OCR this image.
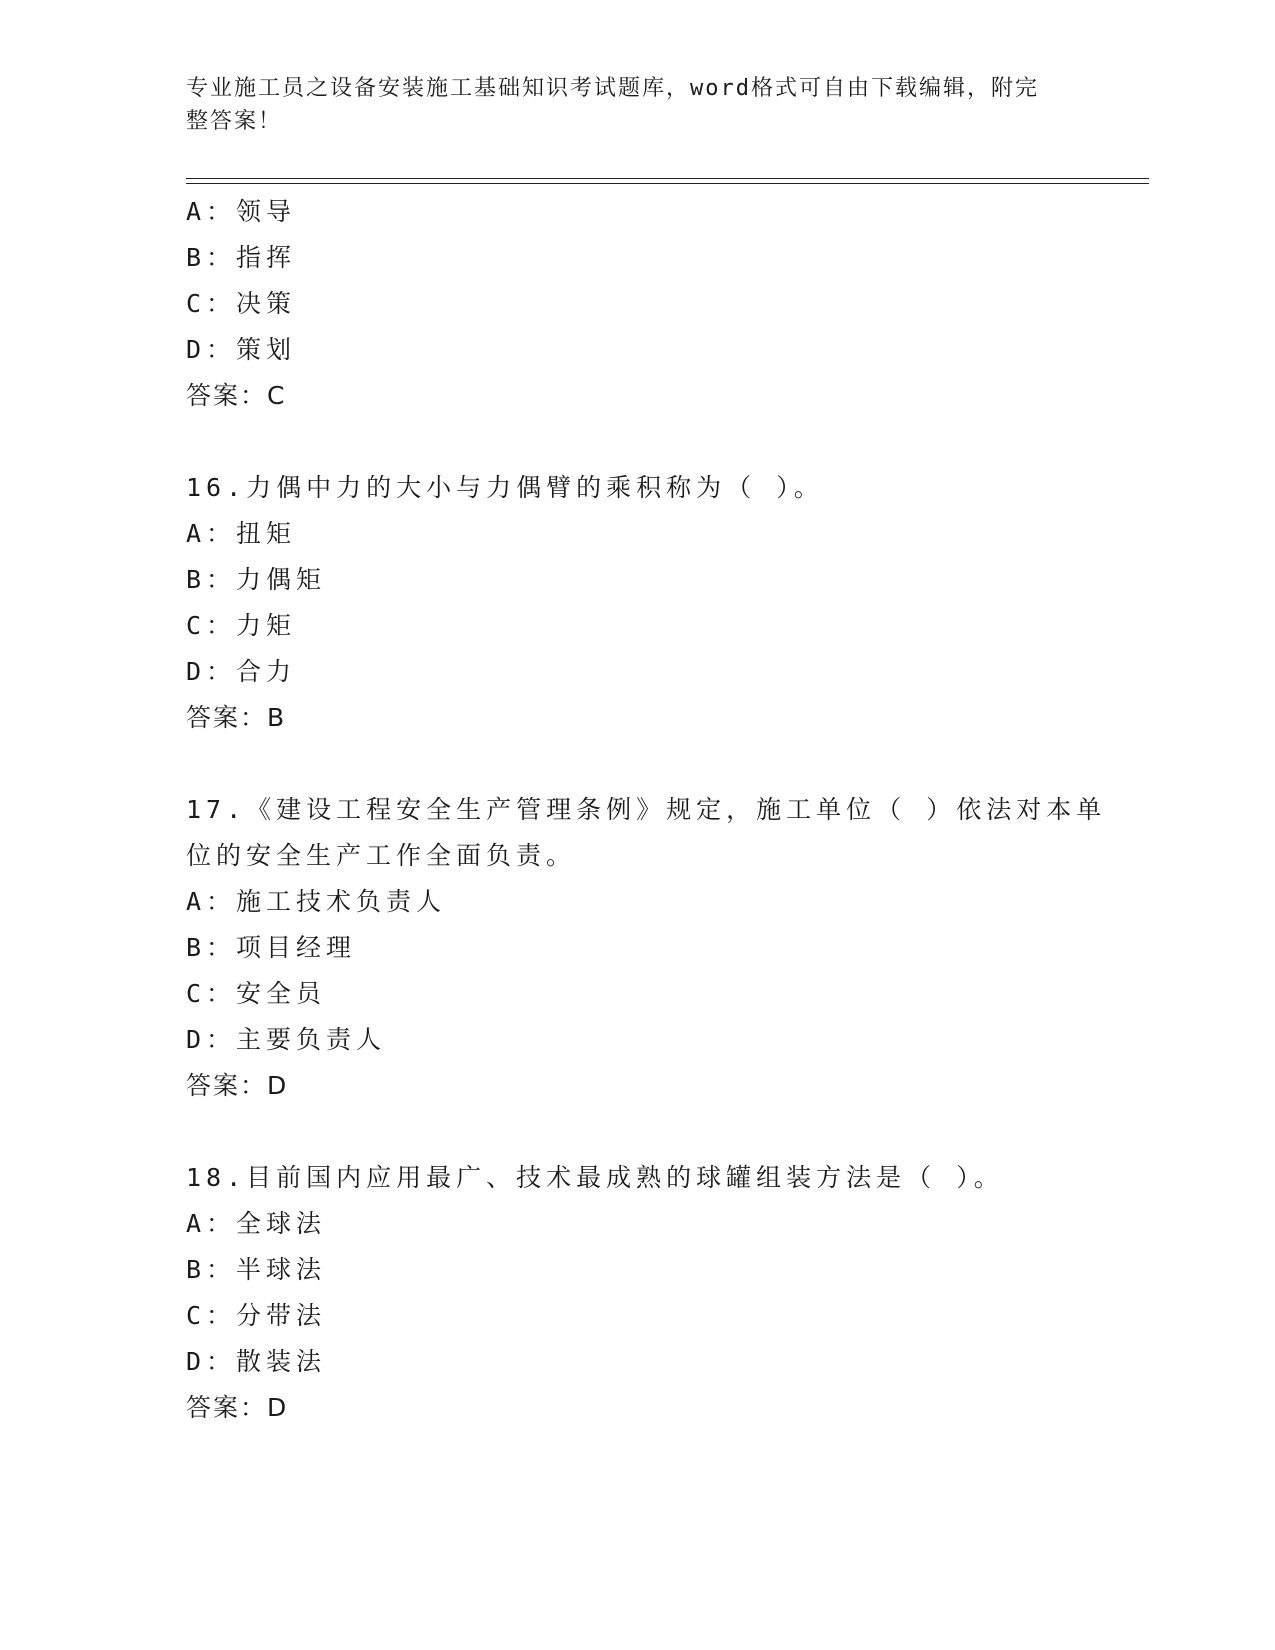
专业施工员之设备安装施工基础知识考试题库，word格式可自由下载编辑，附完
整答案！
A：领导
B：指挥
C：决策
D：策划
答案：C
16.力偶中力的大小与力偶臂的乘积称为（ ）。
A：扭矩
B：力偶矩
C：力矩
D：合力
答案：B
17.《建设工程安全生产管理条例》规定，施工单位（ ）依法对本单
位的安全生产工作全面负责。
A：施工技术负责人
B：项目经理
C：安全员
D：主要负责人
答案：D
18.目前国内应用最广、技术最成熟的球罐组装方法是（ ）。
A：全球法
B：半球法
C：分带法
D：散装法
答案：D
